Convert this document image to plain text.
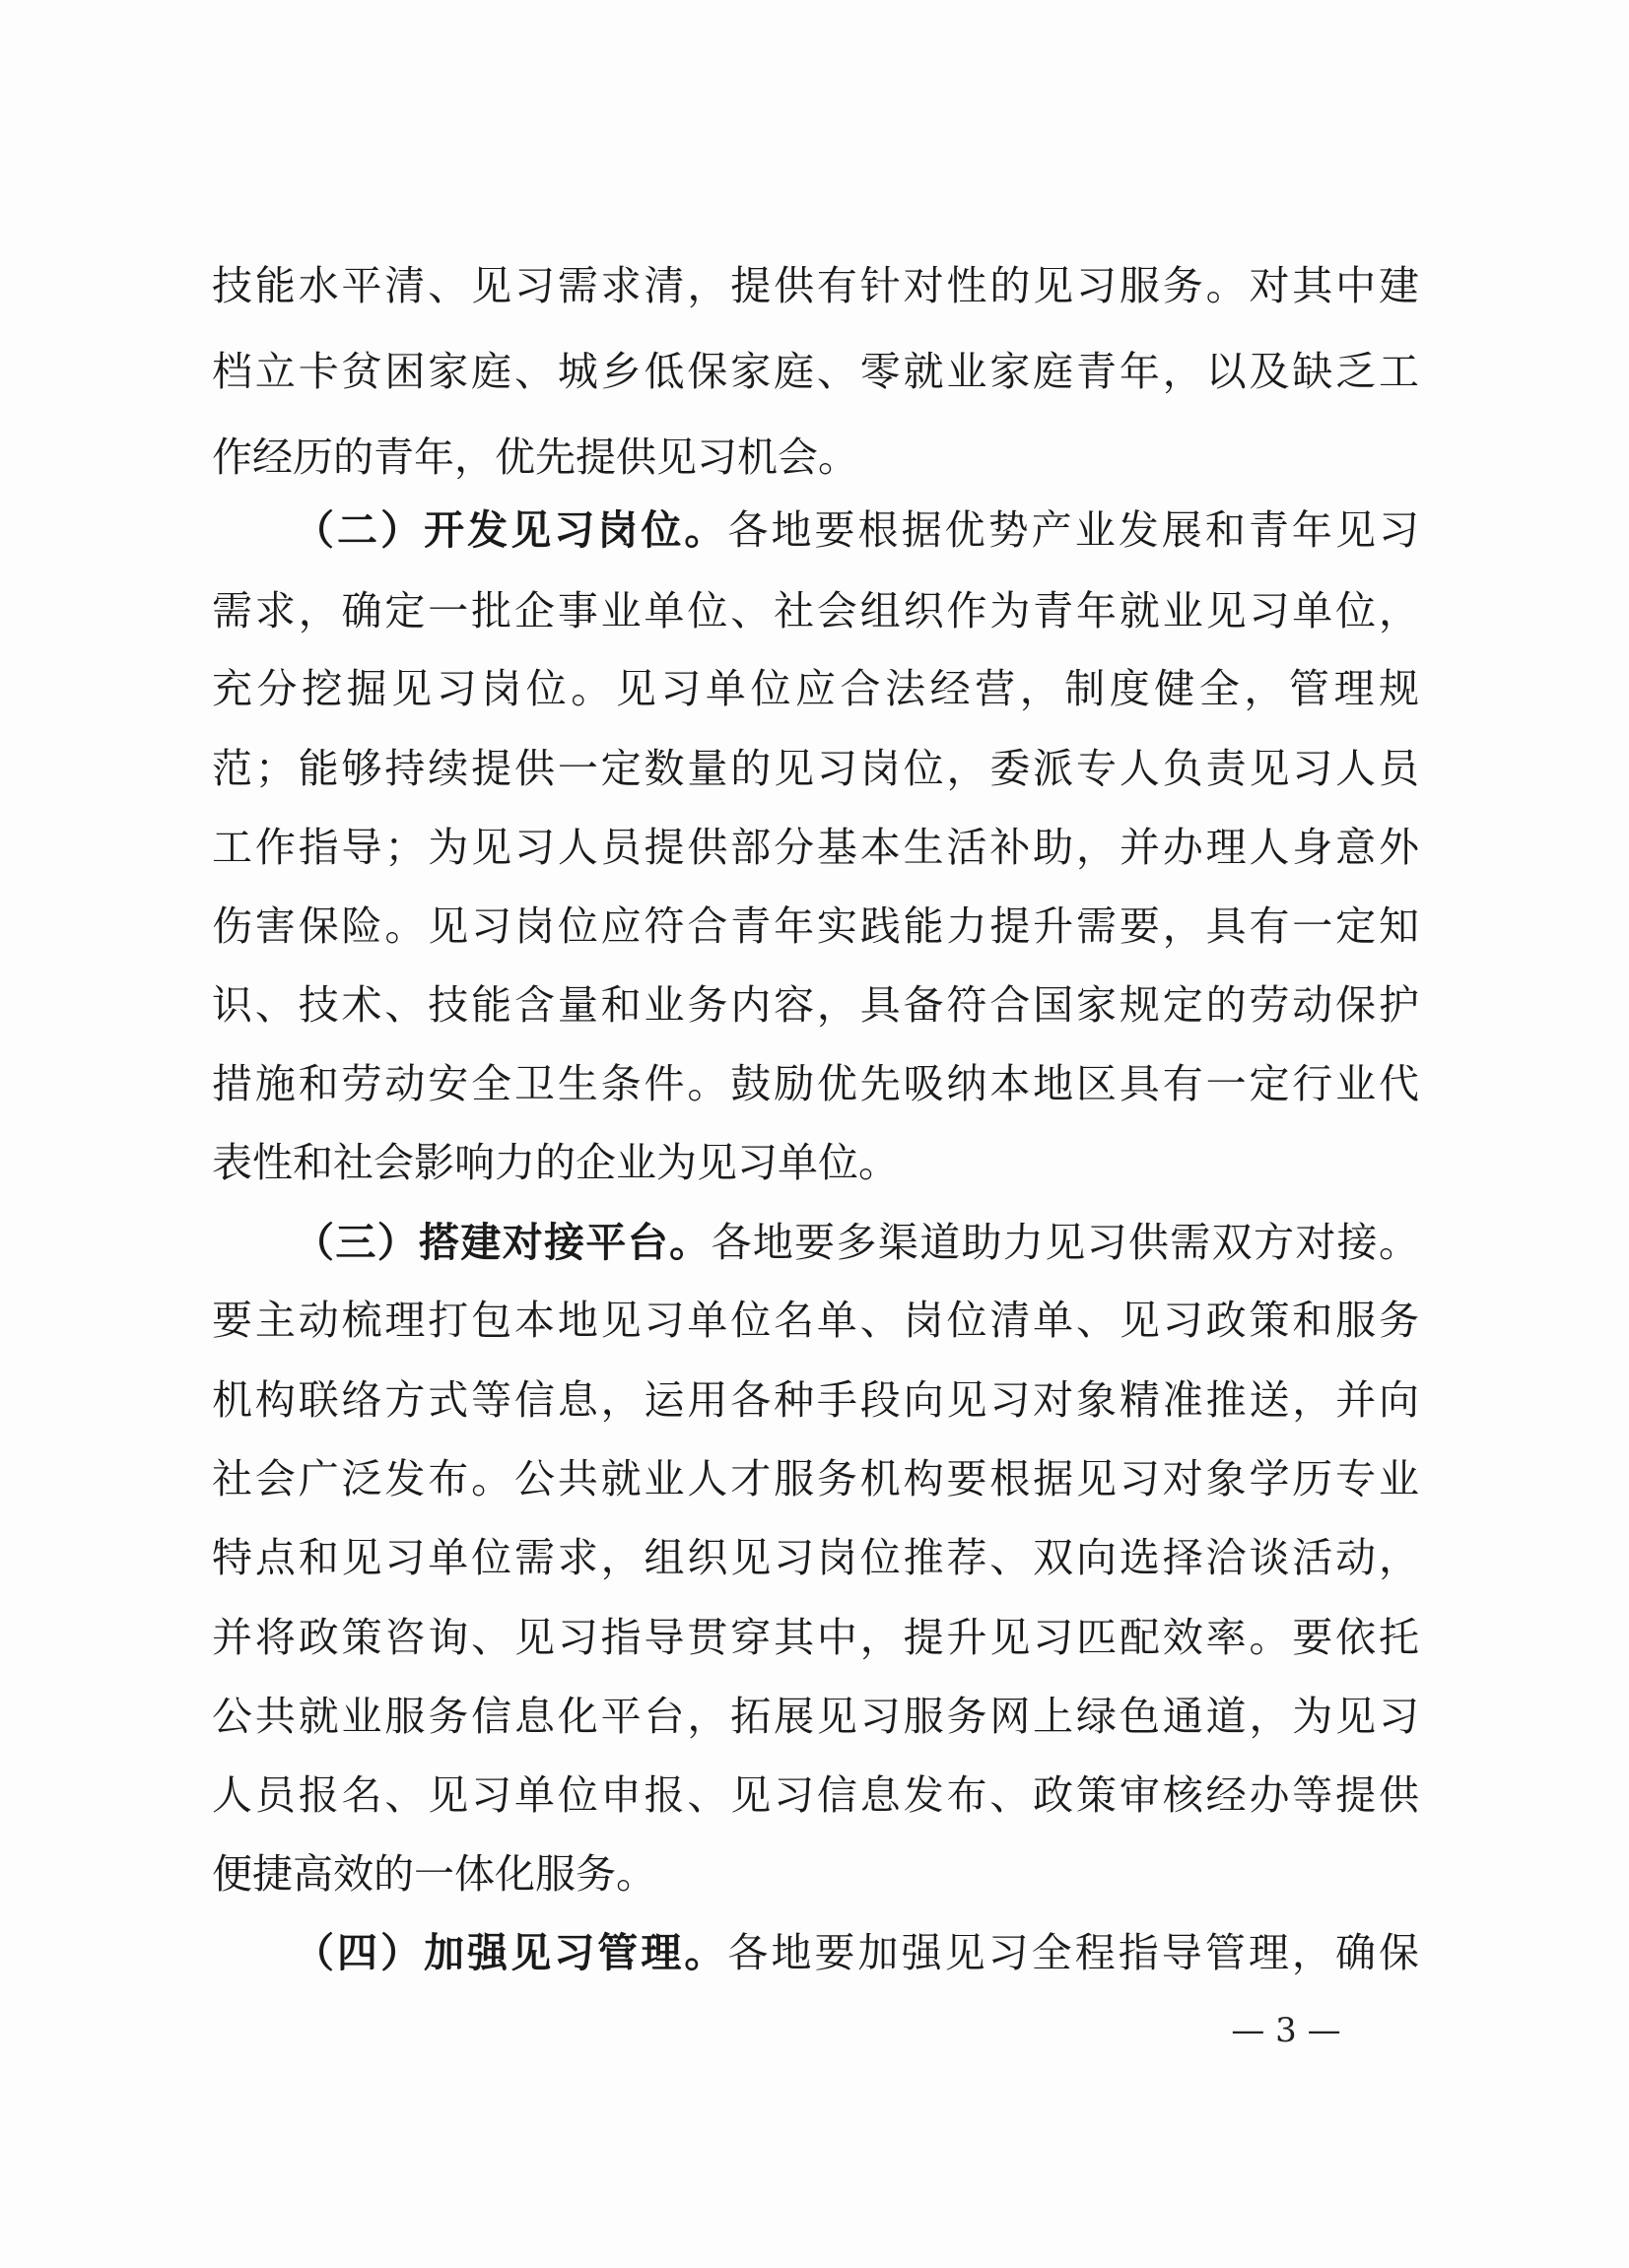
技能水平清、见习需求清，提供有针对性的见习服务。对其中建
档立卡贫困家庭、城乡低保家庭、零就业家庭青年，以及缺乏工
作经历的青年，优先提供见习机会。
（二）开发见习岗位。各地要根据优势产业发展和青年见习
需求，确定一批企事业单位、社会组织作为青年就业见习单位，
充分挖掘见习岗位。见习单位应合法经营，制度健全，管理规
范；能够持续提供一定数量的见习岗位，委派专人负责见习人员
工作指导；为见习人员提供部分基本生活补助，并办理人身意外
伤害保险。见习岗位应符合青年实践能力提升需要，具有一定知
识、技术、技能含量和业务内容，具备符合国家规定的劳动保护
措施和劳动安全卫生条件。鼓励优先吸纳本地区具有一定行业代
表性和社会影响力的企业为见习单位。
（三）搭建对接平台。各地要多渠道助力见习供需双方对接。
要主动梳理打包本地见习单位名单、岗位清单、见习政策和服务
机构联络方式等信息，运用各种手段向见习对象精准推送，并向
社会广泛发布。公共就业人才服务机构要根据见习对象学历专业
特点和见习单位需求，组织见习岗位推荐、双向选择洽谈活动，
并将政策咨询、见习指导贯穿其中，提升见习匹配效率。要依托
公共就业服务信息化平台，拓展见习服务网上绿色通道，为见习
人员报名、见习单位申报、见习信息发布、政策审核经办等提供
便捷高效的一体化服务。
（四）加强见习管理。各地要加强见习全程指导管理，确保
— 3 —
